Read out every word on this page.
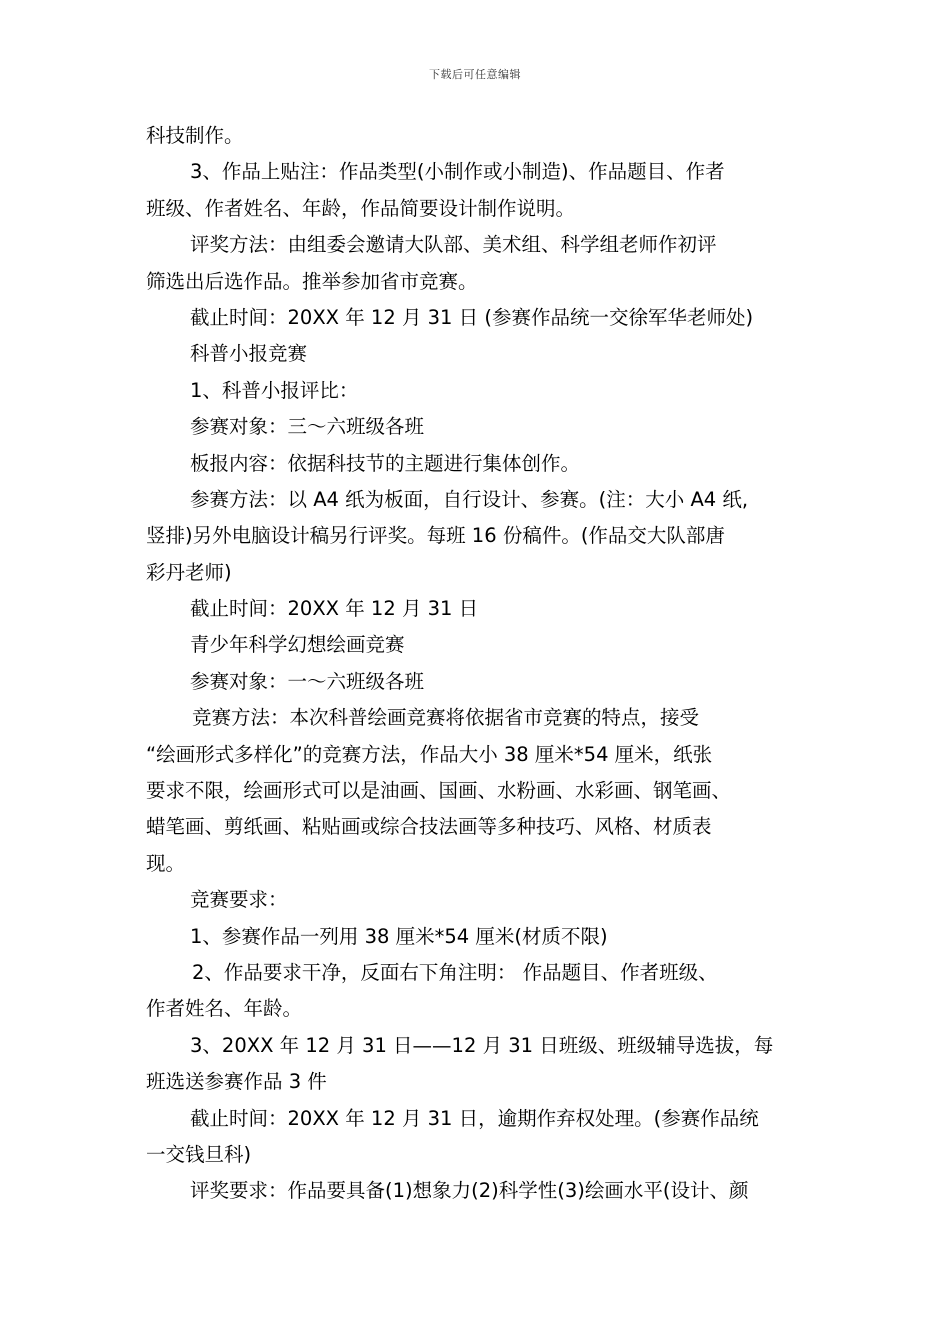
下载后可任意编辑
科技制作。
3、作品上贴注：作品类型(小制作或小制造)、作品题目、作者
班级、作者姓名、年龄，作品简要设计制作说明。
评奖方法：由组委会邀请大队部、美术组、科学组老师作初评
筛选出后选作品。推举参加省市竞赛。
截止时间：20XX 年 12 月 31 日 (参赛作品统一交徐军华老师处)
科普小报竞赛
1、科普小报评比：
参赛对象：三～六班级各班
板报内容：依据科技节的主题进行集体创作。
参赛方法：以 A4 纸为板面，自行设计、参赛。(注：大小 A4 纸,
竖排)另外电脑设计稿另行评奖。每班 16 份稿件。(作品交大队部唐
彩丹老师)
截止时间：20XX 年 12 月 31 日
青少年科学幻想绘画竞赛
参赛对象：一～六班级各班
竞赛方法：本次科普绘画竞赛将依据省市竞赛的特点，接受
“绘画形式多样化”的竞赛方法，作品大小 38 厘米*54 厘米，纸张
要求不限，绘画形式可以是油画、国画、水粉画、水彩画、钢笔画、
蜡笔画、剪纸画、粘贴画或综合技法画等多种技巧、风格、材质表
现。
竞赛要求：
1、参赛作品一列用 38 厘米*54 厘米(材质不限)
2、作品要求干净，反面右下角注明： 作品题目、作者班级、
作者姓名、年龄。
3、20XX 年 12 月 31 日——12 月 31 日班级、班级辅导选拔，每
班选送参赛作品 3 件
截止时间：20XX 年 12 月 31 日，逾期作弃权处理。(参赛作品统
一交钱旦科)
评奖要求：作品要具备(1)想象力(2)科学性(3)绘画水平(设计、颜
